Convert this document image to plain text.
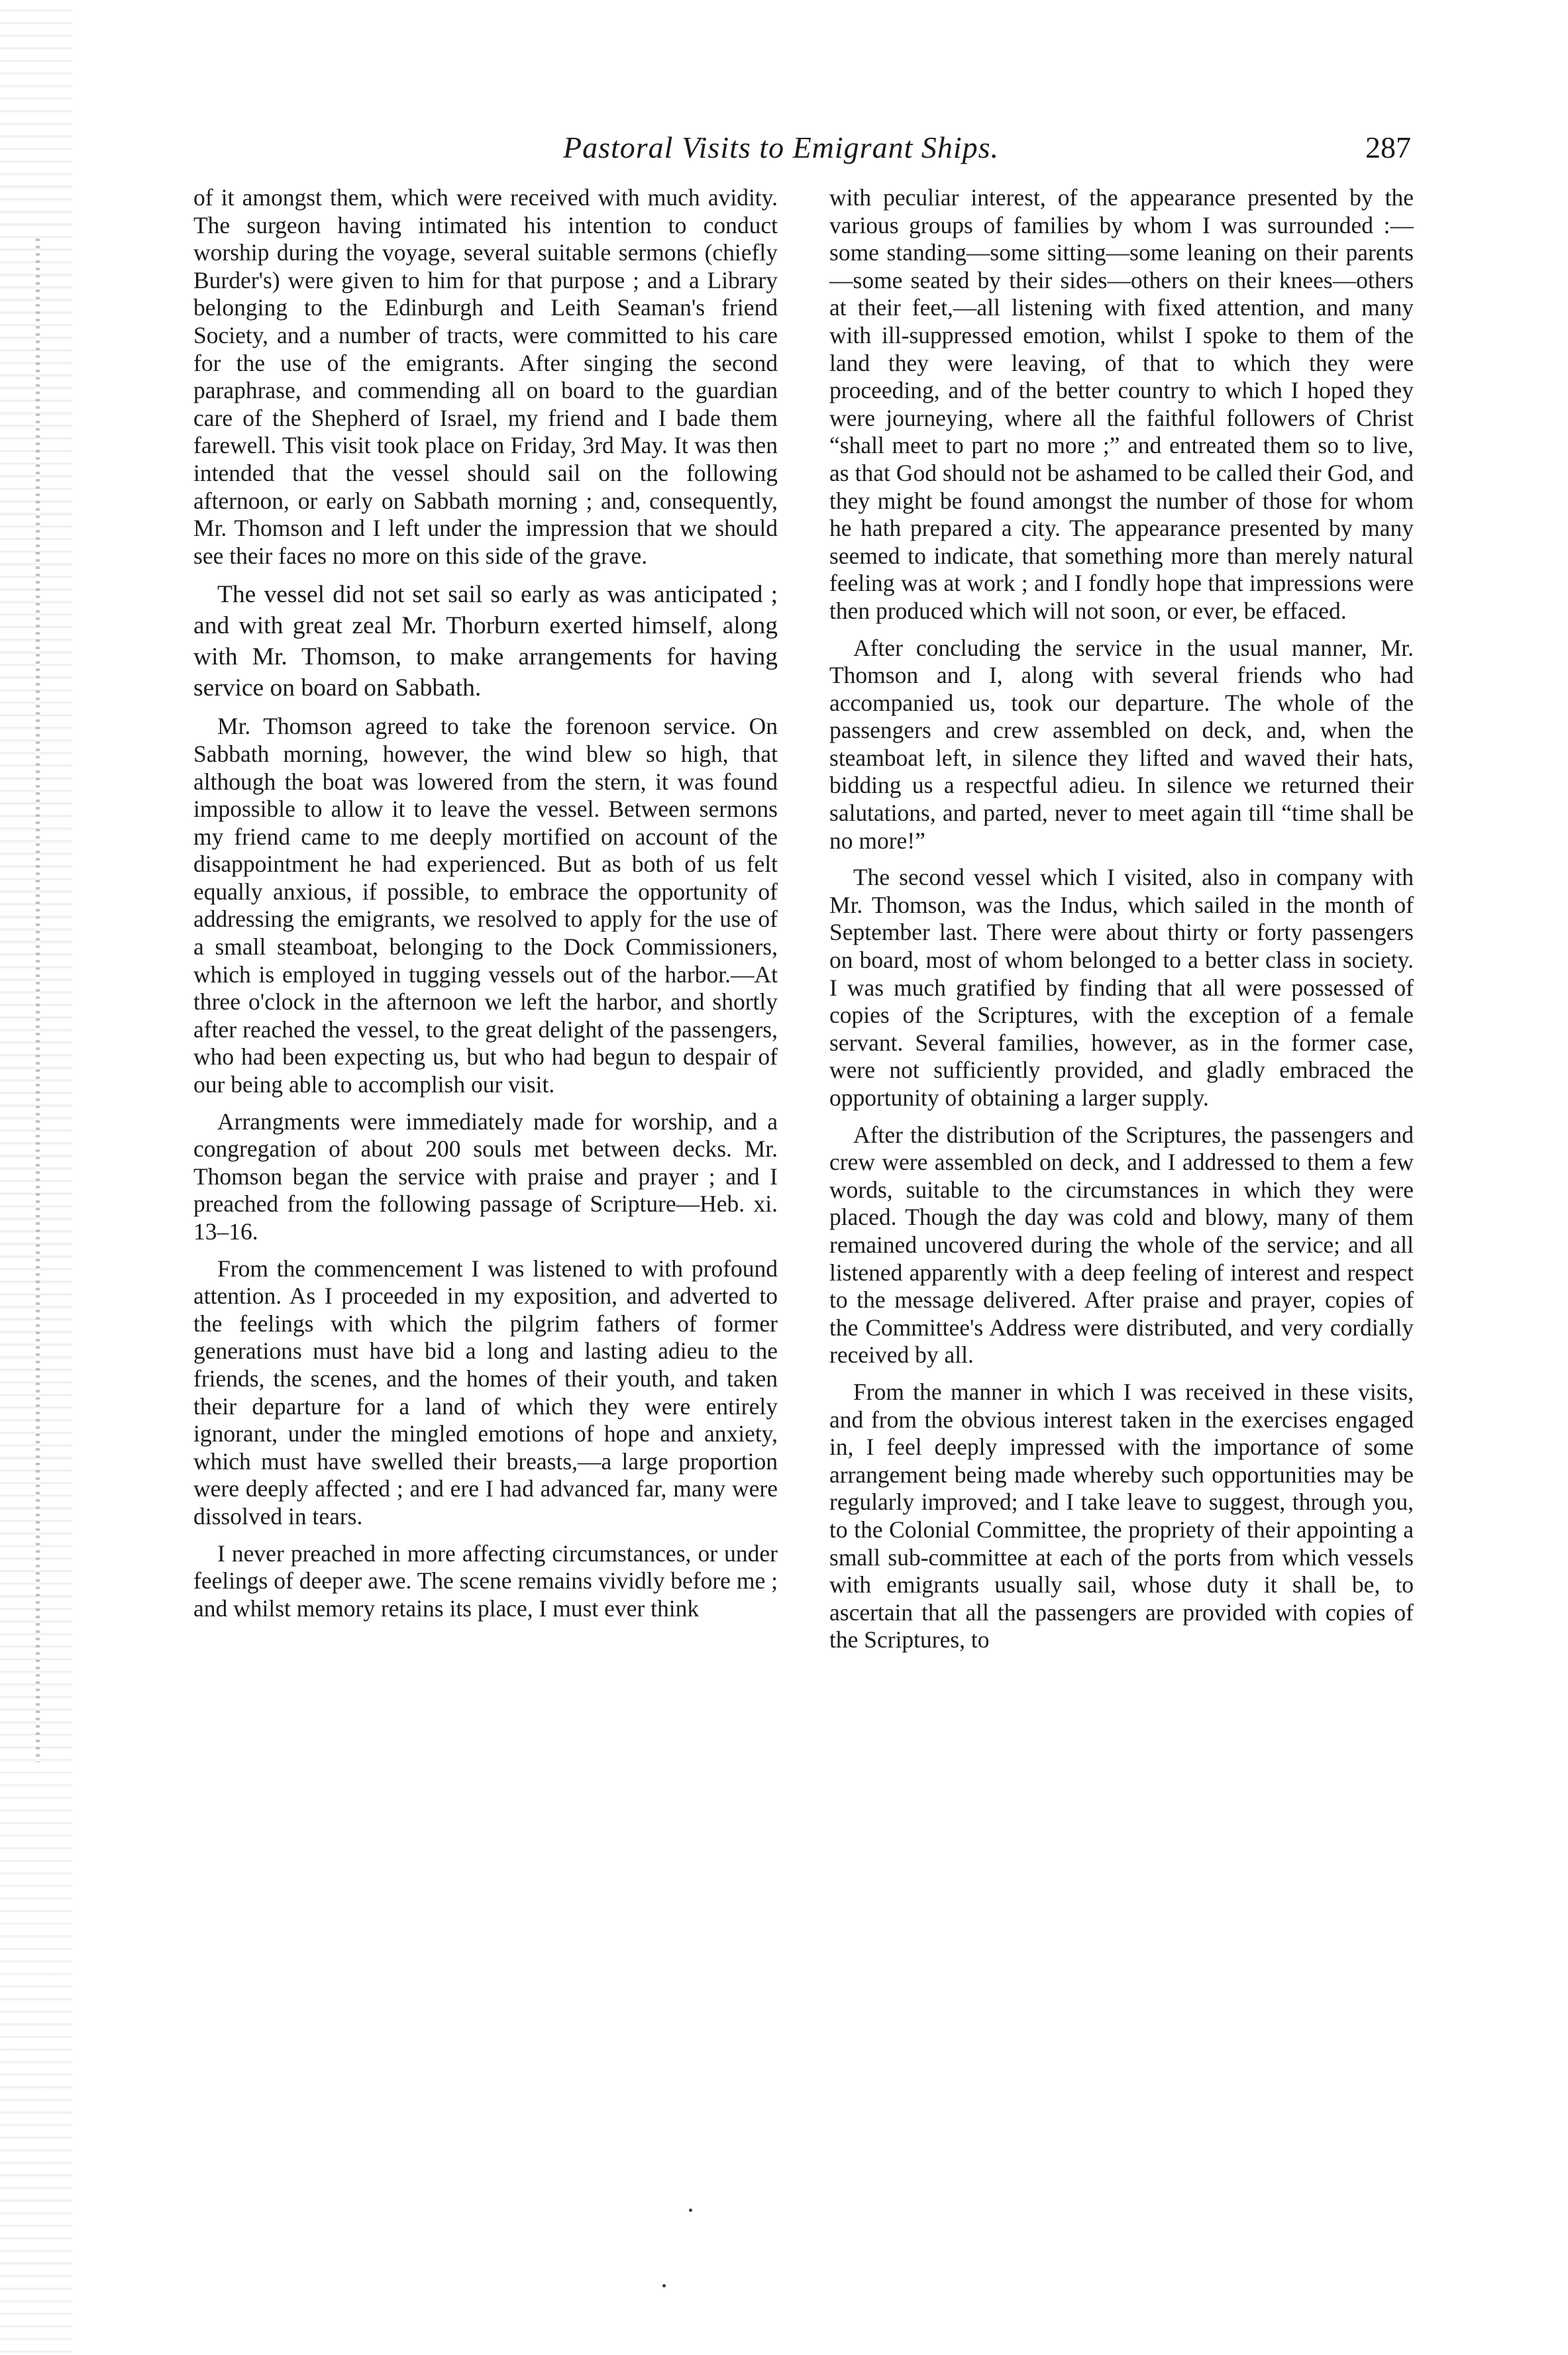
Pastoral Visits to Emigrant Ships.	287

of it amongst them, which were received with much avidity. The surgeon having intimated his intention to conduct worship during the voyage, several suitable sermons (chiefly Burder's) were given to him for that purpose ; and a Library belonging to the Edinburgh and Leith Seaman's friend Society, and a number of tracts, were committed to his care for the use of the emigrants. After singing the second paraphrase, and commending all on board to the guardian care of the Shepherd of Israel, my friend and I bade them farewell. This visit took place on Friday, 3rd May. It was then intended that the vessel should sail on the following afternoon, or early on Sabbath morning ; and, consequently, Mr. Thomson and I left under the impression that we should see their faces no more on this side of the grave.

The vessel did not set sail so early as was anticipated ; and with great zeal Mr. Thorburn exerted himself, along with Mr. Thomson, to make arrangements for having service on board on Sabbath.

Mr. Thomson agreed to take the forenoon service. On Sabbath morning, however, the wind blew so high, that although the boat was lowered from the stern, it was found impossible to allow it to leave the vessel. Between sermons my friend came to me deeply mortified on account of the disappointment he had experienced. But as both of us felt equally anxious, if possible, to embrace the opportunity of addressing the emigrants, we resolved to apply for the use of a small steamboat, belonging to the Dock Commissioners, which is employed in tugging vessels out of the harbor.—At three o'clock in the afternoon we left the harbor, and shortly after reached the vessel, to the great delight of the passengers, who had been expecting us, but who had begun to despair of our being able to accomplish our visit.

Arrangments were immediately made for worship, and a congregation of about 200 souls met between decks. Mr. Thomson began the service with praise and prayer ; and I preached from the following passage of Scripture—Heb. xi. 13–16.

From the commencement I was listened to with profound attention. As I proceeded in my exposition, and adverted to the feelings with which the pilgrim fathers of former generations must have bid a long and lasting adieu to the friends, the scenes, and the homes of their youth, and taken their departure for a land of which they were entirely ignorant, under the mingled emotions of hope and anxiety, which must have swelled their breasts,—a large proportion were deeply affected ; and ere I had advanced far, many were dissolved in tears.

I never preached in more affecting circumstances, or under feelings of deeper awe. The scene remains vividly before me ; and whilst memory retains its place, I must ever think

with peculiar interest, of the appearance presented by the various groups of families by whom I was surrounded :—some standing—some sitting—some leaning on their parents—some seated by their sides—others on their knees—others at their feet,—all listening with fixed attention, and many with ill-suppressed emotion, whilst I spoke to them of the land they were leaving, of that to which they were proceeding, and of the better country to which I hoped they were journeying, where all the faithful followers of Christ “shall meet to part no more ;” and entreated them so to live, as that God should not be ashamed to be called their God, and they might be found amongst the number of those for whom he hath prepared a city. The appearance presented by many seemed to indicate, that something more than merely natural feeling was at work ; and I fondly hope that impressions were then produced which will not soon, or ever, be effaced.

After concluding the service in the usual manner, Mr. Thomson and I, along with several friends who had accompanied us, took our departure. The whole of the passengers and crew assembled on deck, and, when the steamboat left, in silence they lifted and waved their hats, bidding us a respectful adieu. In silence we returned their salutations, and parted, never to meet again till “time shall be no more!”

The second vessel which I visited, also in company with Mr. Thomson, was the Indus, which sailed in the month of September last. There were about thirty or forty passengers on board, most of whom belonged to a better class in society. I was much gratified by finding that all were possessed of copies of the Scriptures, with the exception of a female servant. Several families, however, as in the former case, were not sufficiently provided, and gladly embraced the opportunity of obtaining a larger supply.

After the distribution of the Scriptures, the passengers and crew were assembled on deck, and I addressed to them a few words, suitable to the circumstances in which they were placed. Though the day was cold and blowy, many of them remained uncovered during the whole of the service; and all listened apparently with a deep feeling of interest and respect to the message delivered. After praise and prayer, copies of the Committee's Address were distributed, and very cordially received by all.

From the manner in which I was received in these visits, and from the obvious interest taken in the exercises engaged in, I feel deeply impressed with the importance of some arrangement being made whereby such opportunities may be regularly improved; and I take leave to suggest, through you, to the Colonial Committee, the propriety of their appointing a small sub-committee at each of the ports from which vessels with emigrants usually sail, whose duty it shall be, to ascertain that all the passengers are provided with copies of the Scriptures, to
